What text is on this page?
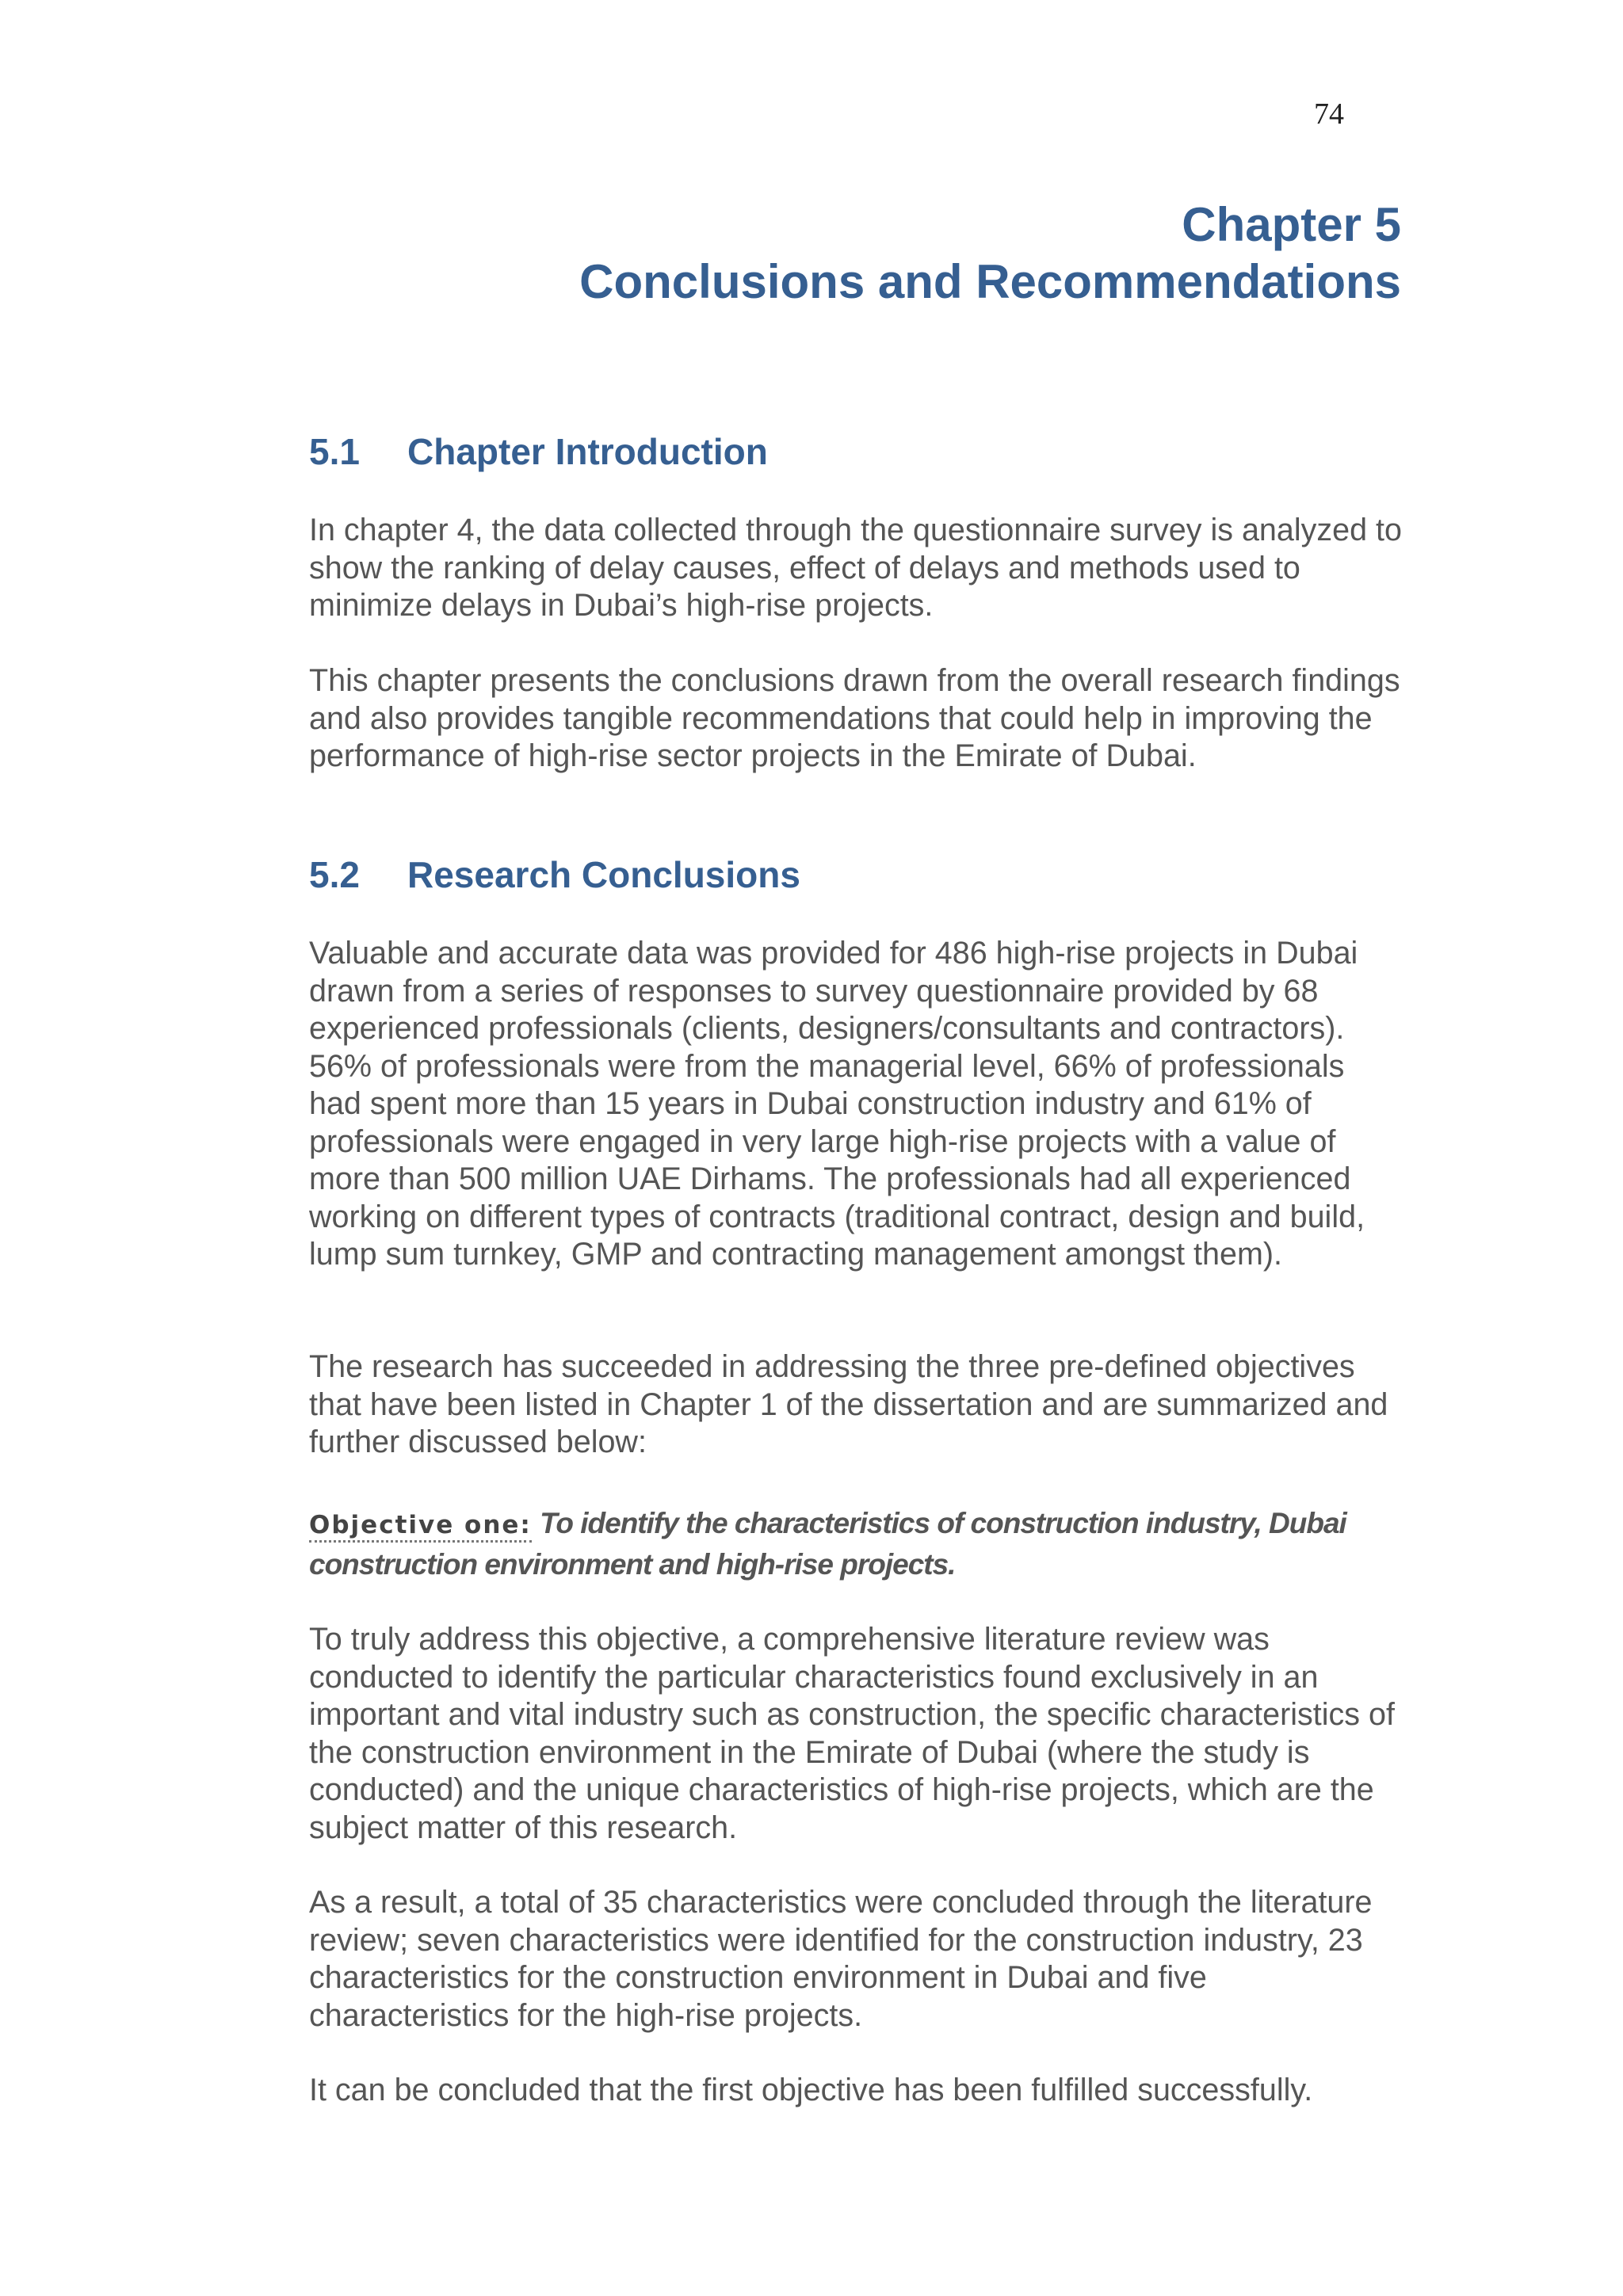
74
Chapter 5
Conclusions and Recommendations
5.1 Chapter Introduction
In chapter 4, the data collected through the questionnaire survey is analyzed to show the ranking of delay causes, effect of delays and methods used to minimize delays in Dubai’s high-rise projects.
This chapter presents the conclusions drawn from the overall research findings and also provides tangible recommendations that could help in improving the performance of high-rise sector projects in the Emirate of Dubai.
5.2 Research Conclusions
Valuable and accurate data was provided for 486 high-rise projects in Dubai drawn from a series of responses to survey questionnaire provided by 68 experienced professionals (clients, designers/consultants and contractors). 56% of professionals were from the managerial level, 66% of professionals had spent more than 15 years in Dubai construction industry and 61% of professionals were engaged in very large high-rise projects with a value of more than 500 million UAE Dirhams. The professionals had all experienced working on different types of contracts (traditional contract, design and build, lump sum turnkey, GMP and contracting management amongst them).
The research has succeeded in addressing the three pre-defined objectives that have been listed in Chapter 1 of the dissertation and are summarized and further discussed below:
Objective one: To identify the characteristics of construction industry, Dubai construction environment and high-rise projects.
To truly address this objective, a comprehensive literature review was conducted to identify the particular characteristics found exclusively in an important and vital industry such as construction, the specific characteristics of the construction environment in the Emirate of Dubai (where the study is conducted) and the unique characteristics of high-rise projects, which are the subject matter of this research.
As a result, a total of 35 characteristics were concluded through the literature review; seven characteristics were identified for the construction industry, 23 characteristics for the construction environment in Dubai and five characteristics for the high-rise projects.
It can be concluded that the first objective has been fulfilled successfully.
